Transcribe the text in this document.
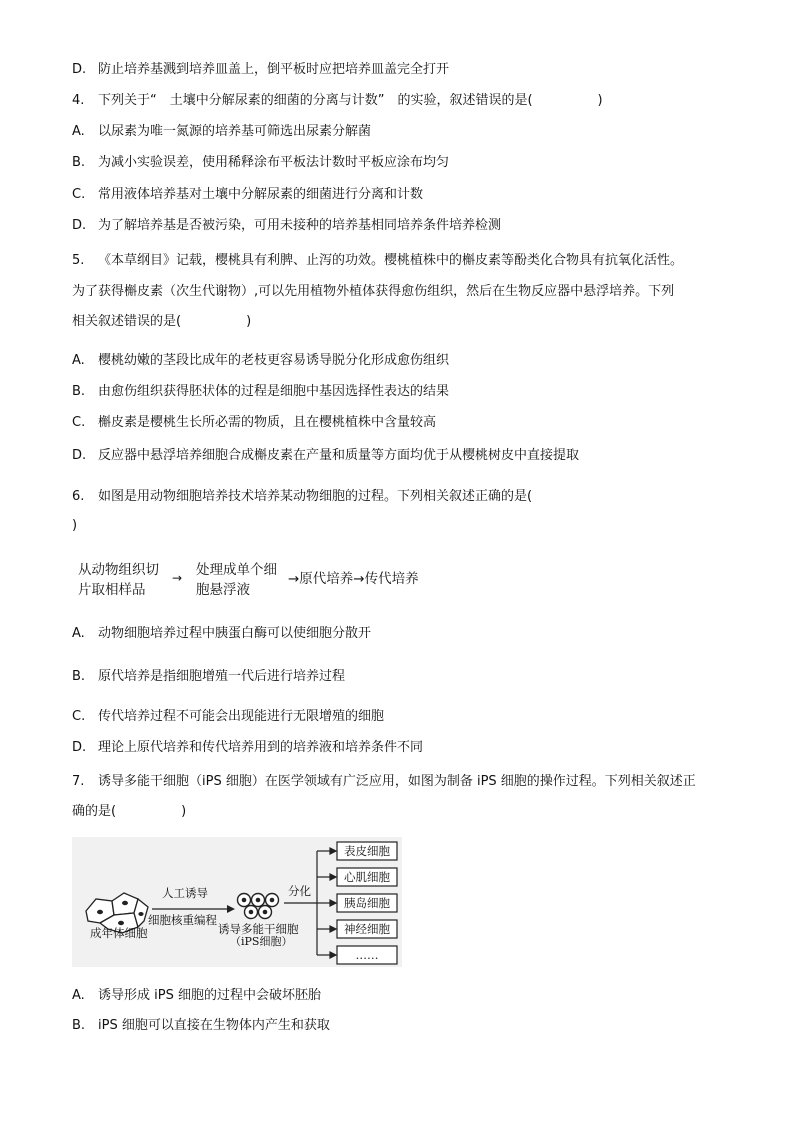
D. 防止培养基溅到培养皿盖上，倒平板时应把培养皿盖完全打开
4. 下列关于“　土壤中分解尿素的细菌的分离与计数”　的实验，叙述错误的是(　　　　　)
A. 以尿素为唯一氮源的培养基可筛选出尿素分解菌
B. 为减小实验误差，使用稀释涂布平板法计数时平板应涂布均匀
C. 常用液体培养基对土壤中分解尿素的细菌进行分离和计数
D. 为了解培养基是否被污染，可用未接种的培养基相同培养条件培养检测
5. 《本草纲目》记载，樱桃具有利脾、止泻的功效。樱桃植株中的槲皮素等酚类化合物具有抗氧化活性。
为了获得槲皮素（次生代谢物）,可以先用植物外植体获得愈伤组织，然后在生物反应器中悬浮培养。下列
相关叙述错误的是(　　　　　)
A. 樱桃幼嫩的茎段比成年的老枝更容易诱导脱分化形成愈伤组织
B. 由愈伤组织获得胚状体的过程是细胞中基因选择性表达的结果
C. 槲皮素是樱桃生长所必需的物质，且在樱桃植株中含量较高
D. 反应器中悬浮培养细胞合成槲皮素在产量和质量等方面均优于从樱桃树皮中直接提取
6. 如图是用动物细胞培养技术培养某动物细胞的过程。下列相关叙述正确的是(
)
从动物组织切
片取相样品
→ 处理成单个细
胞悬浮液
→原代培养→传代培养
A. 动物细胞培养过程中胰蛋白酶可以使细胞分散开
B. 原代培养是指细胞增殖一代后进行培养过程
C. 传代培养过程不可能会出现能进行无限增殖的细胞
D. 理论上原代培养和传代培养用到的培养液和培养条件不同
7. 诱导多能干细胞（iPS 细胞）在医学领域有广泛应用，如图为制备 iPS 细胞的操作过程。下列相关叙述正
确的是(　　　　　)
成年体细胞
人工诱导
细胞核重编程
诱导多能干细胞
（iPS细胞）
分化
表皮细胞
心肌细胞
胰岛细胞
神经细胞
……
A. 诱导形成 iPS 细胞的过程中会破坏胚胎
B. iPS 细胞可以直接在生物体内产生和获取
